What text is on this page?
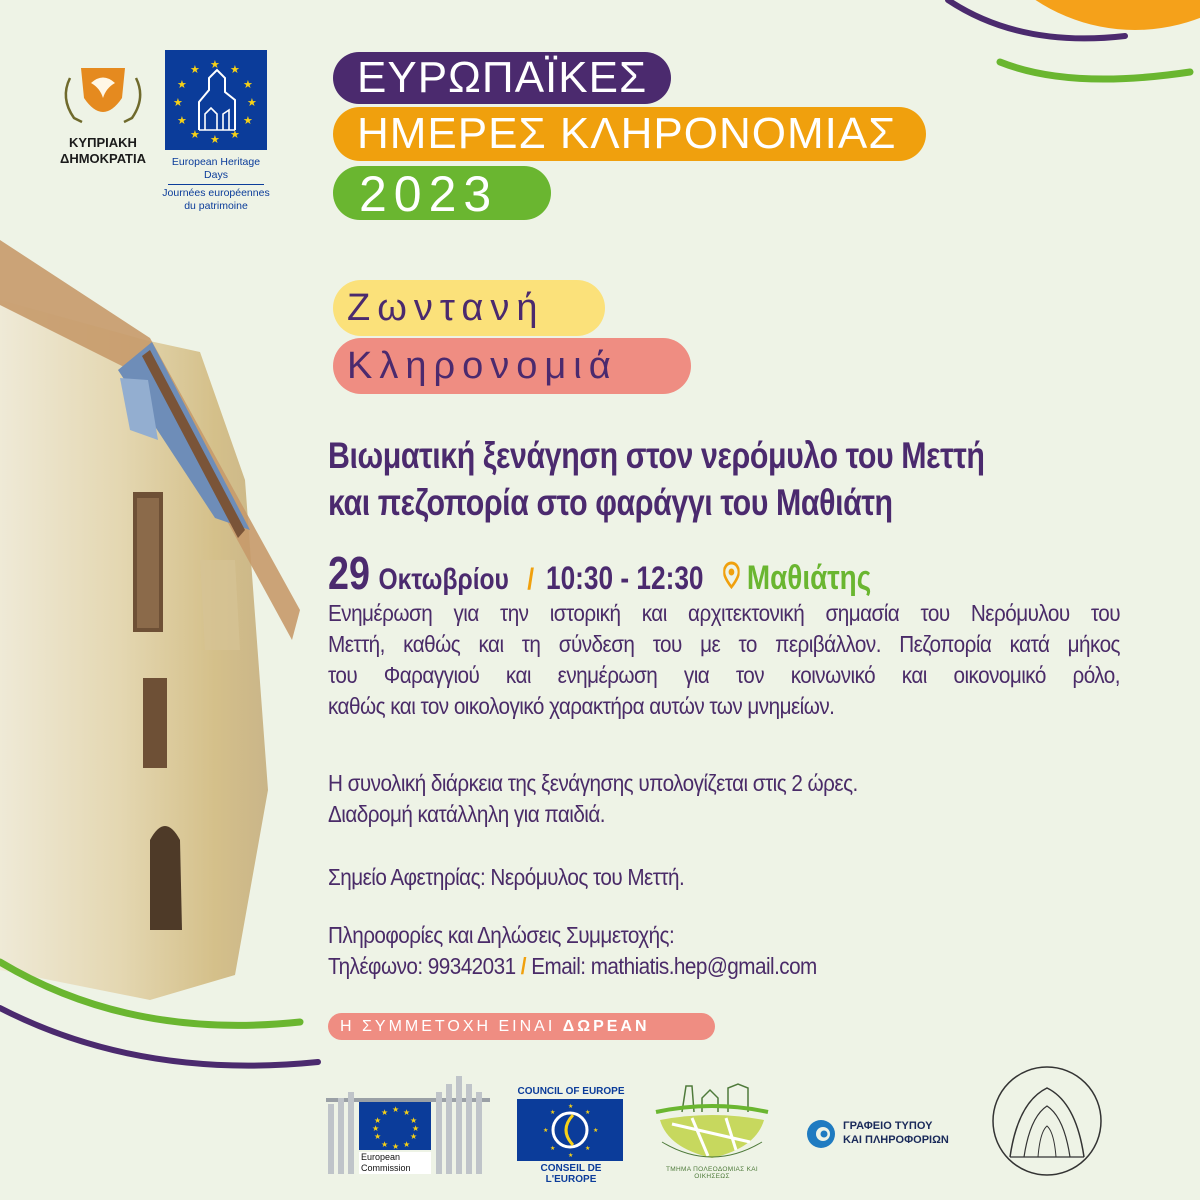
ΚΥΠΡΙΑΚΗ
ΔΗΜΟΚΡΑΤΙΑ
★ ★
★
★
★
★
★
★
★
★
★
★
European Heritage Days
Journées européennes
du patrimoine
ΕΥΡΩΠΑΪΚΕΣ
ΗΜΕΡΕΣ ΚΛΗΡΟΝΟΜΙΑΣ
2023
Ζωντανή
Κληρονομιά
Βιωματική ξενάγηση στον νερόμυλο του Μεττή
και πεζοπορία στο φαράγγι του Μαθιάτη
29 Οκτωβρίου / 10:30 - 12:30 Μαθιάτης
Ενημέρωση για την ιστορική και αρχιτεκτονική σημασία του Νερόμυλου του
Μεττή, καθώς και τη σύνδεση του με το περιβάλλον. Πεζοπορία κατά μήκος
του Φαραγγιού και ενημέρωση για τον κοινωνικό και οικονομικό ρόλο,
καθώς και τον οικολογικό χαρακτήρα αυτών των μνημείων.
Η συνολική διάρκεια της ξενάγησης υπολογίζεται στις 2 ώρες.
Διαδρομή κατάλληλη για παιδιά.
Σημείο Αφετηρίας: Νερόμυλος του Μεττή.
Πληροφορίες και Δηλώσεις Συμμετοχής:
Τηλέφωνο: 99342031 / Email: mathiatis.hep@gmail.com
Η ΣΥΜΜΕΤΟΧΗ ΕΙΝΑΙ ΔΩΡΕΑΝ
★ ★
★
★
★
★
★
★
★
★
★
★
European
Commission
COUNCIL OF EUROPE
★
★
★
★
★
★
★
★
CONSEIL DE L'EUROPE
ΤΜΗΜΑ ΠΟΛΕΟΔΟΜΙΑΣ ΚΑΙ ΟΙΚΗΣΕΩΣ
ΓΡΑΦΕΙΟ ΤΥΠΟΥ
ΚΑΙ ΠΛΗΡΟΦΟΡΙΩΝ
